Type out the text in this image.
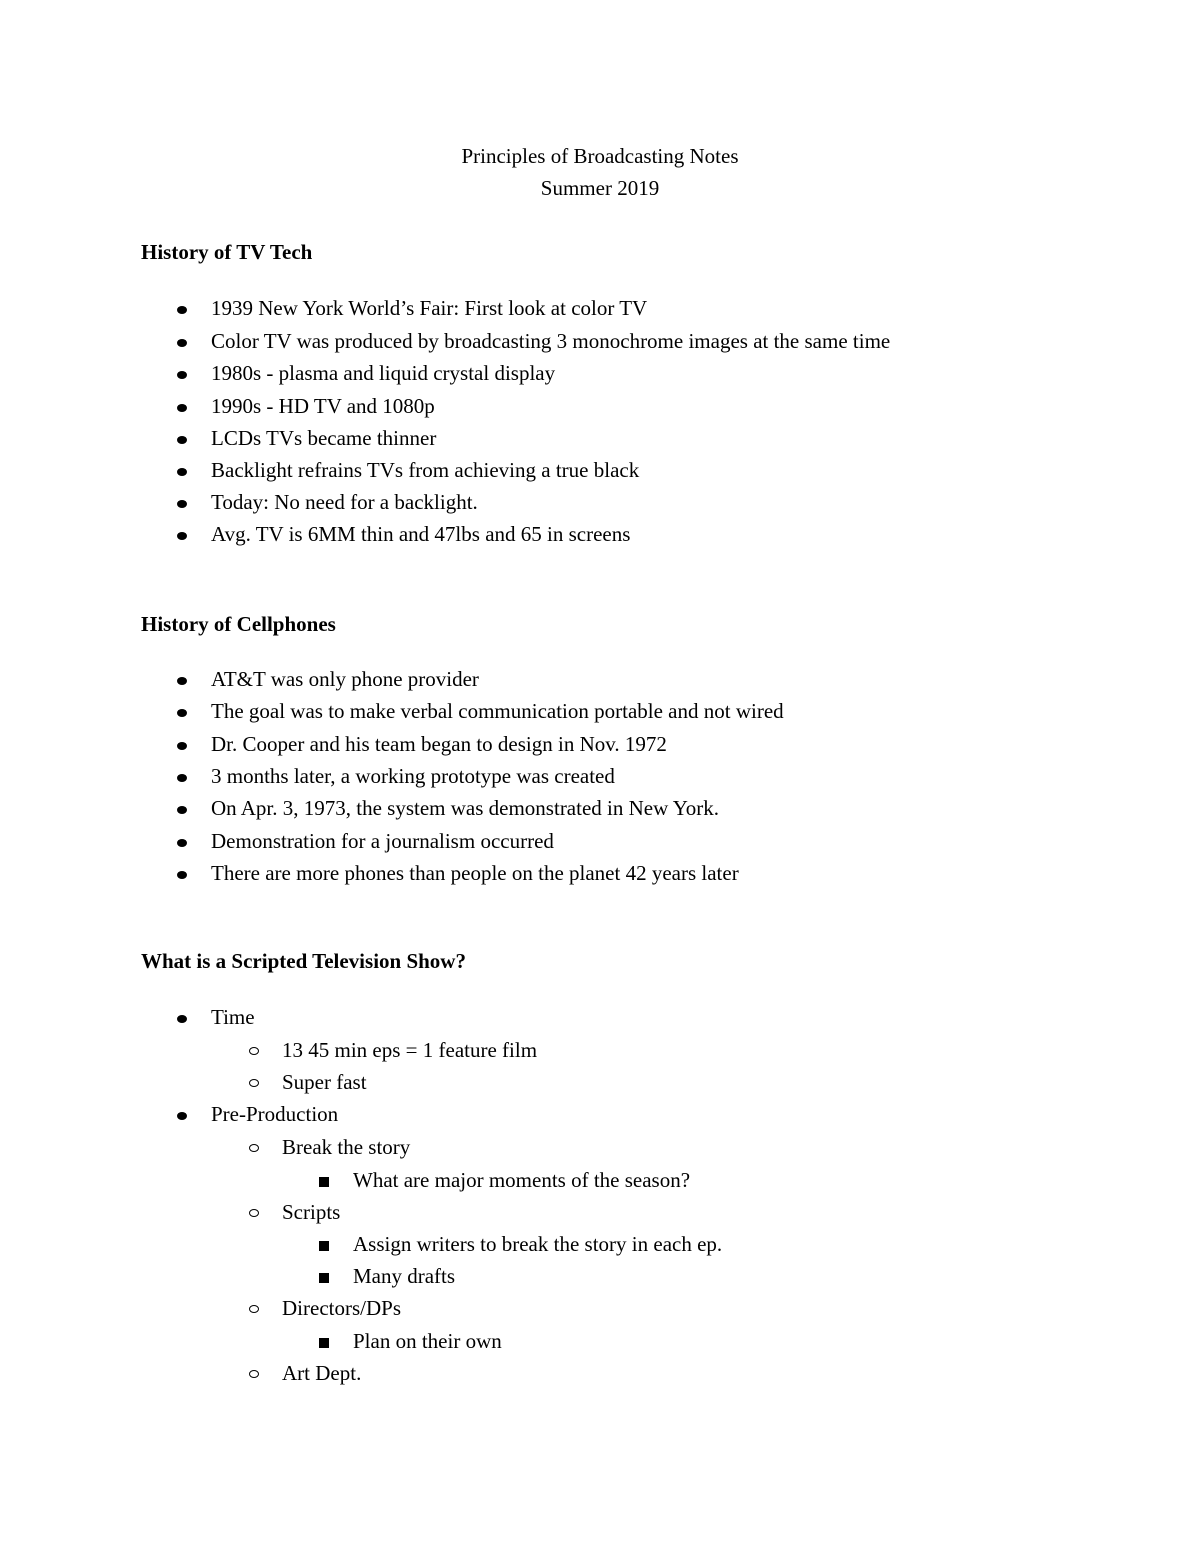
Principles of Broadcasting Notes
Summer 2019
History of TV Tech
1939 New York World’s Fair: First look at color TV
Color TV was produced by broadcasting 3 monochrome images at the same time
1980s - plasma and liquid crystal display
1990s - HD TV and 1080p
LCDs TVs became thinner
Backlight refrains TVs from achieving a true black
Today: No need for a backlight.
Avg. TV is 6MM thin and 47lbs and 65 in screens
History of Cellphones
AT&T was only phone provider
The goal was to make verbal communication portable and not wired
Dr. Cooper and his team began to design in Nov. 1972
3 months later, a working prototype was created
On Apr. 3, 1973, the system was demonstrated in New York.
Demonstration for a journalism occurred
There are more phones than people on the planet 42 years later
What is a Scripted Television Show?
Time
13 45 min eps = 1 feature film
Super fast
Pre-Production
Break the story
What are major moments of the season?
Scripts
Assign writers to break the story in each ep.
Many drafts
Directors/DPs
Plan on their own
Art Dept.
